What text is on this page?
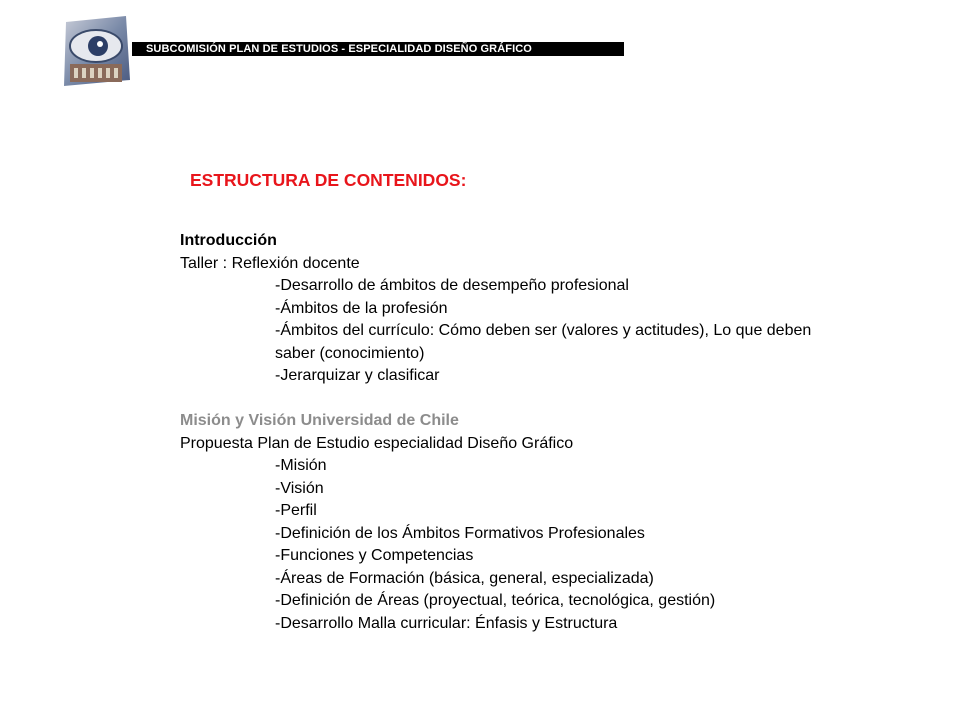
SUBCOMISIÓN PLAN DE ESTUDIOS - ESPECIALIDAD DISEÑO GRÁFICO
ESTRUCTURA DE CONTENIDOS:
Introducción
Taller : Reflexión docente
-Desarrollo de ámbitos de desempeño profesional
-Ámbitos de la profesión
-Ámbitos del currículo: Cómo deben ser (valores y actitudes), Lo que deben saber (conocimiento)
-Jerarquizar y clasificar
Misión y Visión Universidad de Chile
Propuesta Plan de Estudio especialidad Diseño Gráfico
-Misión
-Visión
-Perfil
-Definición de los Ámbitos Formativos Profesionales
-Funciones y Competencias
-Áreas de Formación (básica, general, especializada)
-Definición de Áreas (proyectual, teórica, tecnológica, gestión)
-Desarrollo Malla curricular: Énfasis y Estructura
